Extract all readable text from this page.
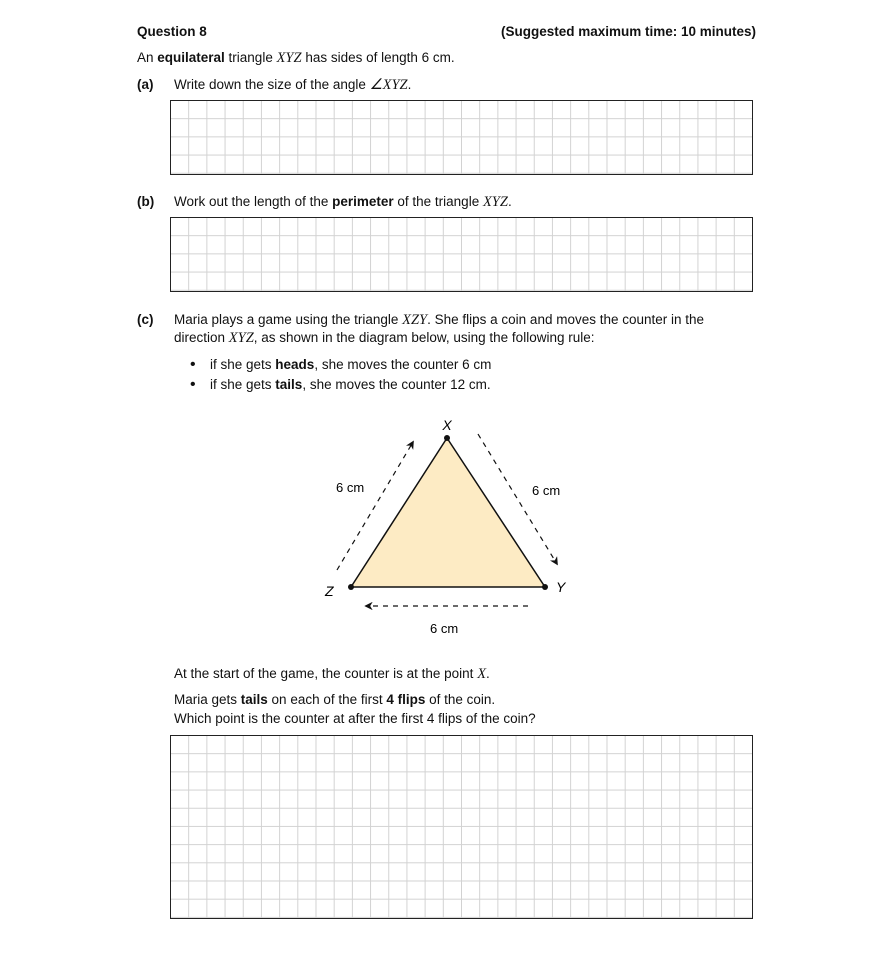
Question 8	(Suggested maximum time: 10 minutes)
An equilateral triangle XYZ has sides of length 6 cm.
(a) Write down the size of the angle ∠XYZ.
(b) Work out the length of the perimeter of the triangle XYZ.
(c) Maria plays a game using the triangle XZY. She flips a coin and moves the counter in the
direction XYZ, as shown in the diagram below, using the following rule:
• if she gets heads, she moves the counter 6 cm
• if she gets tails, she moves the counter 12 cm.
X
Y
Z
6 cm	6 cm
6 cm
At the start of the game, the counter is at the point X.
Maria gets tails on each of the first 4 flips of the coin.
Which point is the counter at after the first 4 flips of the coin?
